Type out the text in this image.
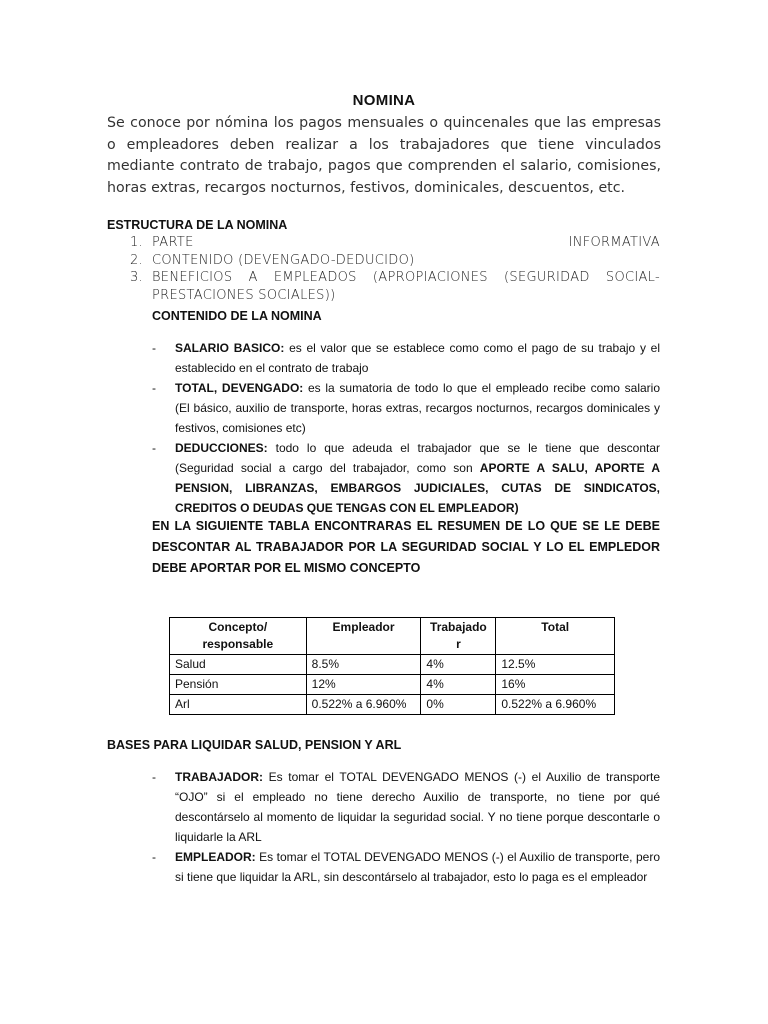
NOMINA
Se conoce por nómina los pagos mensuales o quincenales que las empresas o empleadores deben realizar a los trabajadores que tiene vinculados mediante contrato de trabajo, pagos que comprenden el salario, comisiones, horas extras, recargos nocturnos, festivos, dominicales, descuentos, etc.
ESTRUCTURA DE LA NOMINA
1. PARTE INFORMATIVA
2. CONTENIDO (DEVENGADO-DEDUCIDO)
3. BENEFICIOS A EMPLEADOS (APROPIACIONES (SEGURIDAD SOCIAL- PRESTACIONES SOCIALES))
CONTENIDO DE LA NOMINA
- SALARIO BASICO: es el valor que se establece como como el pago de su trabajo y el establecido en el contrato de trabajo
- TOTAL, DEVENGADO: es la sumatoria de todo lo que el empleado recibe como salario (El básico, auxilio de transporte, horas extras, recargos nocturnos, recargos dominicales y festivos, comisiones etc)
- DEDUCCIONES: todo lo que adeuda el trabajador que se le tiene que descontar (Seguridad social a cargo del trabajador, como son APORTE A SALU, APORTE A PENSION, LIBRANZAS, EMBARGOS JUDICIALES, CUTAS DE SINDICATOS, CREDITOS O DEUDAS QUE TENGAS CON EL EMPLEADOR)
EN LA SIGUIENTE TABLA ENCONTRARAS EL RESUMEN DE LO QUE SE LE DEBE DESCONTAR AL TRABAJADOR POR LA SEGURIDAD SOCIAL Y LO EL EMPLEDOR DEBE APORTAR POR EL MISMO CONCEPTO
Concepto/ responsable	Empleador	Trabajado r	Total
Salud	8.5%	4%	12.5%
Pensión	12%	4%	16%
Arl	0.522% a 6.960%	0%	0.522% a 6.960%
BASES PARA LIQUIDAR SALUD, PENSION Y ARL
- TRABAJADOR: Es tomar el TOTAL DEVENGADO MENOS (-) el Auxilio de transporte “OJO” si el empleado no tiene derecho Auxilio de transporte, no tiene por qué descontárselo al momento de liquidar la seguridad social. Y no tiene porque descontarle o liquidarle la ARL
- EMPLEADOR: Es tomar el TOTAL DEVENGADO MENOS (-) el Auxilio de transporte, pero si tiene que liquidar la ARL, sin descontárselo al trabajador, esto lo paga es el empleador
